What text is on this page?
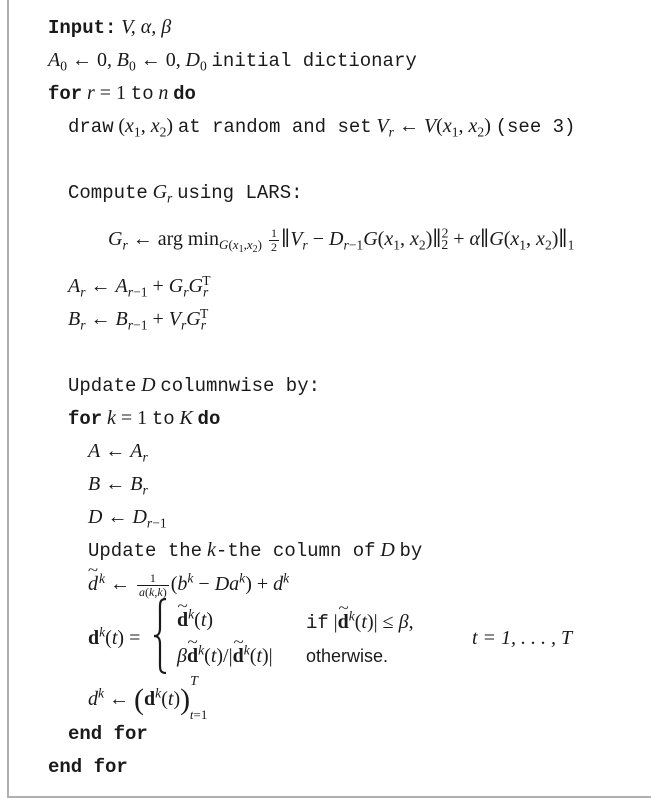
Input: V, α, β
$A_0$ ← 0, $B_0$ ← 0, $D_0$ initial dictionary
for r = 1 to n do
draw ($x_1$, $x_2$) at random and set $V_r$ ← $V(x_1$, $x_2$) (see 3)
Compute $G_r$ using LARS:
$G_r$ ← arg $\min_{G(x_1,x_2)} \frac{1}{2}$ $\parallel V_r - D_{r-1}G(x_1$, $x_2)\parallel^2_2$ + $\alpha\parallel G(x_1$, $x_2)\parallel_1$
$A_r$ ← $A_{r-1} + G_rG_r^T$
$B_r$ ← $B_{r-1} + V_rG_r^T$
Update D columnwise by:
for k = 1 to K do
A ← $A_r$
B ← $B_r$
D ← $D_{r-1}$
Update the k-the column of D by
~ $d^k$ ← $\frac{1}{a(k,k)} (b^k - Da^k) + d^k$
$d^k(t)$ =
~ $d^k(t)$	if |~ $d^k(t)| \le \beta$,
β~ $d^k(t)/|\sim$ $d^k(t)|$ otherwise.
t = 1, . . . , T
$d^k$ ← $(d^k(t))^T_{t=1}$
end for
end for
